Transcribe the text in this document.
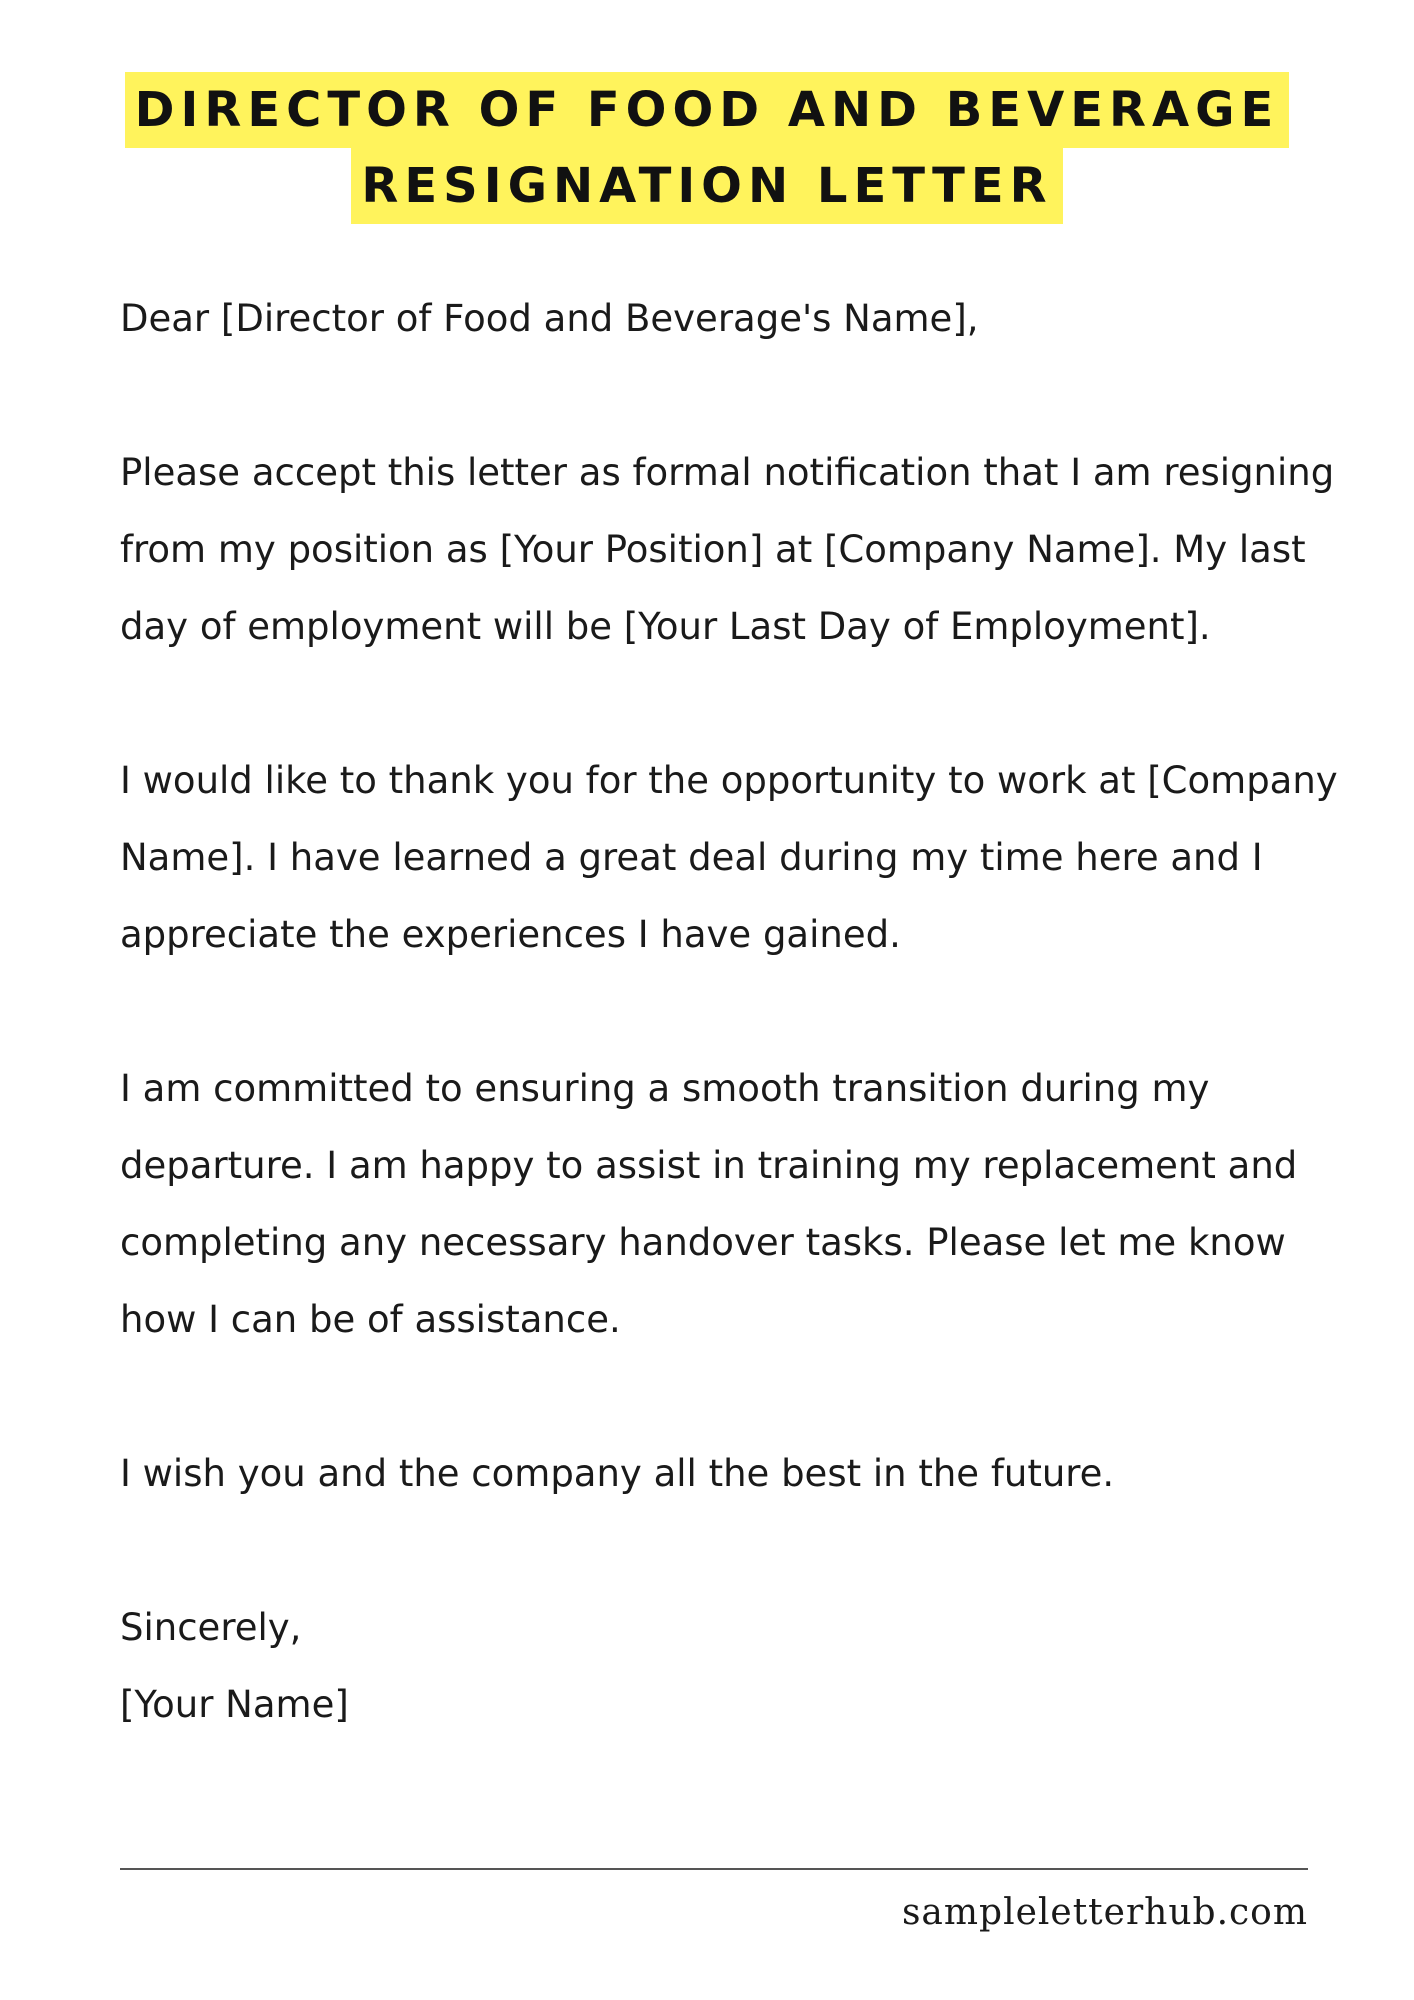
DIRECTOR OF FOOD AND BEVERAGE
RESIGNATION LETTER

Dear [Director of Food and Beverage's Name],

Please accept this letter as formal notification that I am resigning from my position as [Your Position] at [Company Name]. My last day of employment will be [Your Last Day of Employment].

I would like to thank you for the opportunity to work at [Company Name]. I have learned a great deal during my time here and I appreciate the experiences I have gained.

I am committed to ensuring a smooth transition during my departure. I am happy to assist in training my replacement and completing any necessary handover tasks. Please let me know how I can be of assistance.

I wish you and the company all the best in the future.

Sincerely,

[Your Name]

sampleletterhub.com
